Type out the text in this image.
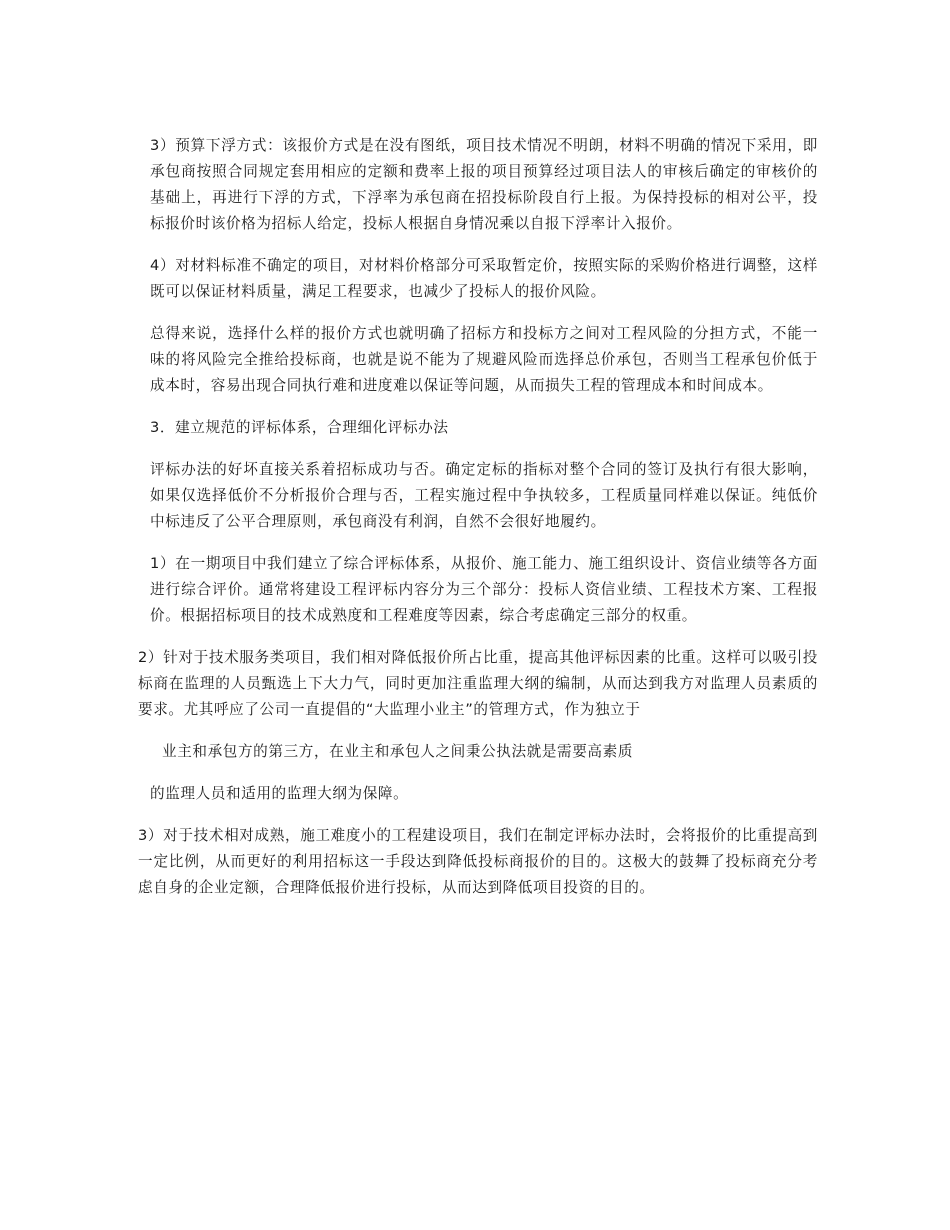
3）预算下浮方式：该报价方式是在没有图纸，项目技术情况不明朗，材料不明确的情况下采用，即承包商按照合同规定套用相应的定额和费率上报的项目预算经过项目法人的审核后确定的审核价的基础上，再进行下浮的方式，下浮率为承包商在招投标阶段自行上报。为保持投标的相对公平，投标报价时该价格为招标人给定，投标人根据自身情况乘以自报下浮率计入报价。

4）对材料标准不确定的项目，对材料价格部分可采取暂定价，按照实际的采购价格进行调整，这样既可以保证材料质量，满足工程要求，也减少了投标人的报价风险。

总得来说，选择什么样的报价方式也就明确了招标方和投标方之间对工程风险的分担方式，不能一味的将风险完全推给投标商，也就是说不能为了规避风险而选择总价承包，否则当工程承包价低于成本时，容易出现合同执行难和进度难以保证等问题，从而损失工程的管理成本和时间成本。

3．建立规范的评标体系，合理细化评标办法

评标办法的好坏直接关系着招标成功与否。确定定标的指标对整个合同的签订及执行有很大影响，如果仅选择低价不分析报价合理与否，工程实施过程中争执较多，工程质量同样难以保证。纯低价中标违反了公平合理原则，承包商没有利润，自然不会很好地履约。

1）在一期项目中我们建立了综合评标体系，从报价、施工能力、施工组织设计、资信业绩等各方面进行综合评价。通常将建设工程评标内容分为三个部分：投标人资信业绩、工程技术方案、工程报价。根据招标项目的技术成熟度和工程难度等因素，综合考虑确定三部分的权重。

2）针对于技术服务类项目，我们相对降低报价所占比重，提高其他评标因素的比重。这样可以吸引投标商在监理的人员甄选上下大力气，同时更加注重监理大纲的编制，从而达到我方对监理人员素质的要求。尤其呼应了公司一直提倡的“大监理小业主”的管理方式，作为独立于

业主和承包方的第三方，在业主和承包人之间秉公执法就是需要高素质

的监理人员和适用的监理大纲为保障。

3）对于技术相对成熟，施工难度小的工程建设项目，我们在制定评标办法时，会将报价的比重提高到一定比例，从而更好的利用招标这一手段达到降低投标商报价的目的。这极大的鼓舞了投标商充分考虑自身的企业定额，合理降低报价进行投标，从而达到降低项目投资的目的。
